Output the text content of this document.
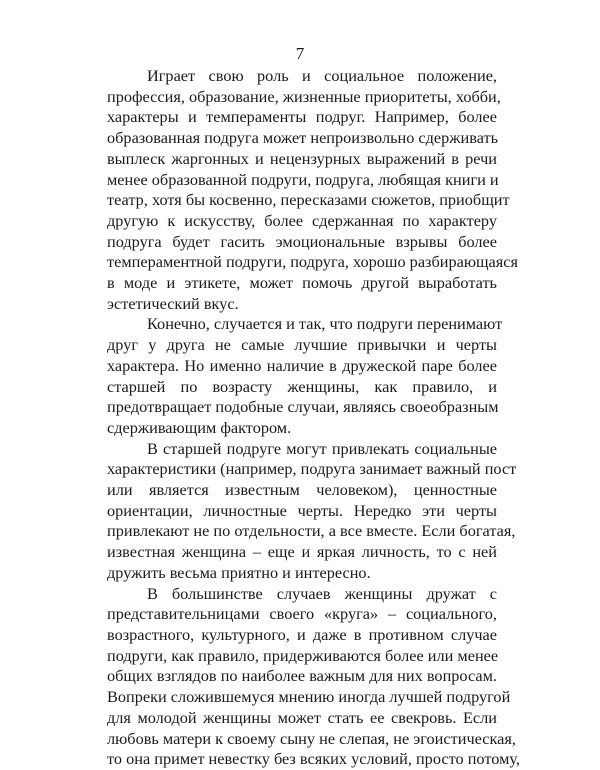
7

Играет свою роль и социальное положение,
профессия, образование, жизненные приоритеты, хобби,
характеры и темпераменты подруг. Например, более
образованная подруга может непроизвольно сдерживать
выплеск жаргонных и нецензурных выражений в речи
менее образованной подруги, подруга, любящая книги и
театр, хотя бы косвенно, пересказами сюжетов, приобщит
другую к искусству, более сдержанная по характеру
подруга будет гасить эмоциональные взрывы более
темпераментной подруги, подруга, хорошо разбирающаяся
в моде и этикете, может помочь другой выработать
эстетический вкус.

Конечно, случается и так, что подруги перенимают
друг у друга не самые лучшие привычки и черты
характера. Но именно наличие в дружеской паре более
старшей по возрасту женщины, как правило, и
предотвращает подобные случаи, являясь своеобразным
сдерживающим фактором.

В старшей подруге могут привлекать социальные
характеристики (например, подруга занимает важный пост
или является известным человеком), ценностные
ориентации, личностные черты. Нередко эти черты
привлекают не по отдельности, а все вместе. Если богатая,
известная женщина – еще и яркая личность, то с ней
дружить весьма приятно и интересно.

В большинстве случаев женщины дружат с
представительницами своего «круга» – социального,
возрастного, культурного, и даже в противном случае
подруги, как правило, придерживаются более или менее
общих взглядов по наиболее важным для них вопросам.
Вопреки сложившемуся мнению иногда лучшей подругой
для молодой женщины может стать ее свекровь. Если
любовь матери к своему сыну не слепая, не эгоистическая,
то она примет невестку без всяких условий, просто потому,
